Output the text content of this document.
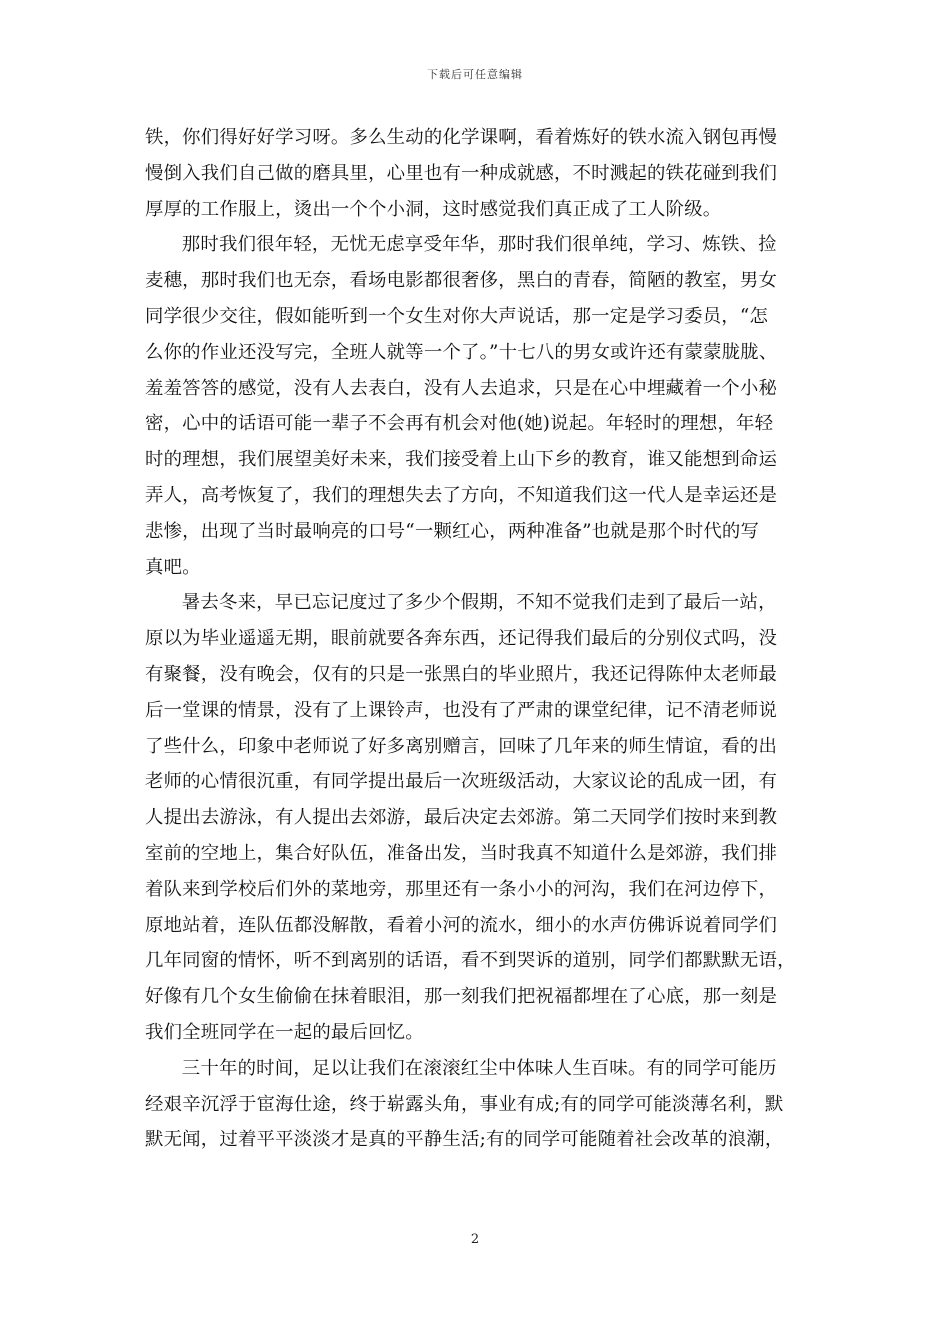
下载后可任意编辑

铁，你们得好好学习呀。多么生动的化学课啊，看着炼好的铁水流入钢包再慢
慢倒入我们自己做的磨具里，心里也有一种成就感，不时溅起的铁花碰到我们
厚厚的工作服上，烫出一个个小洞，这时感觉我们真正成了工人阶级。

那时我们很年轻，无忧无虑享受年华，那时我们很单纯，学习、炼铁、捡
麦穗，那时我们也无奈，看场电影都很奢侈，黑白的青春，简陋的教室，男女
同学很少交往，假如能听到一个女生对你大声说话，那一定是学习委员，“怎
么你的作业还没写完，全班人就等一个了。”十七八的男女或许还有蒙蒙胧胧、
羞羞答答的感觉，没有人去表白，没有人去追求，只是在心中埋藏着一个小秘
密，心中的话语可能一辈子不会再有机会对他(她)说起。年轻时的理想，年轻
时的理想，我们展望美好未来，我们接受着上山下乡的教育，谁又能想到命运
弄人，高考恢复了，我们的理想失去了方向，不知道我们这一代人是幸运还是
悲惨，出现了当时最响亮的口号“一颗红心，两种准备”也就是那个时代的写
真吧。

暑去冬来，早已忘记度过了多少个假期，不知不觉我们走到了最后一站，
原以为毕业遥遥无期，眼前就要各奔东西，还记得我们最后的分别仪式吗，没
有聚餐，没有晚会，仅有的只是一张黑白的毕业照片，我还记得陈仲太老师最
后一堂课的情景，没有了上课铃声，也没有了严肃的课堂纪律，记不清老师说
了些什么，印象中老师说了好多离别赠言，回味了几年来的师生情谊，看的出
老师的心情很沉重，有同学提出最后一次班级活动，大家议论的乱成一团，有
人提出去游泳，有人提出去郊游，最后决定去郊游。第二天同学们按时来到教
室前的空地上，集合好队伍，准备出发，当时我真不知道什么是郊游，我们排
着队来到学校后们外的菜地旁，那里还有一条小小的河沟，我们在河边停下，
原地站着，连队伍都没解散，看着小河的流水，细小的水声仿佛诉说着同学们
几年同窗的情怀，听不到离别的话语，看不到哭诉的道别，同学们都默默无语，
好像有几个女生偷偷在抹着眼泪，那一刻我们把祝福都埋在了心底，那一刻是
我们全班同学在一起的最后回忆。

三十年的时间，足以让我们在滚滚红尘中体味人生百味。有的同学可能历
经艰辛沉浮于宦海仕途，终于崭露头角，事业有成;有的同学可能淡薄名利，默
默无闻，过着平平淡淡才是真的平静生活;有的同学可能随着社会改革的浪潮，

2
